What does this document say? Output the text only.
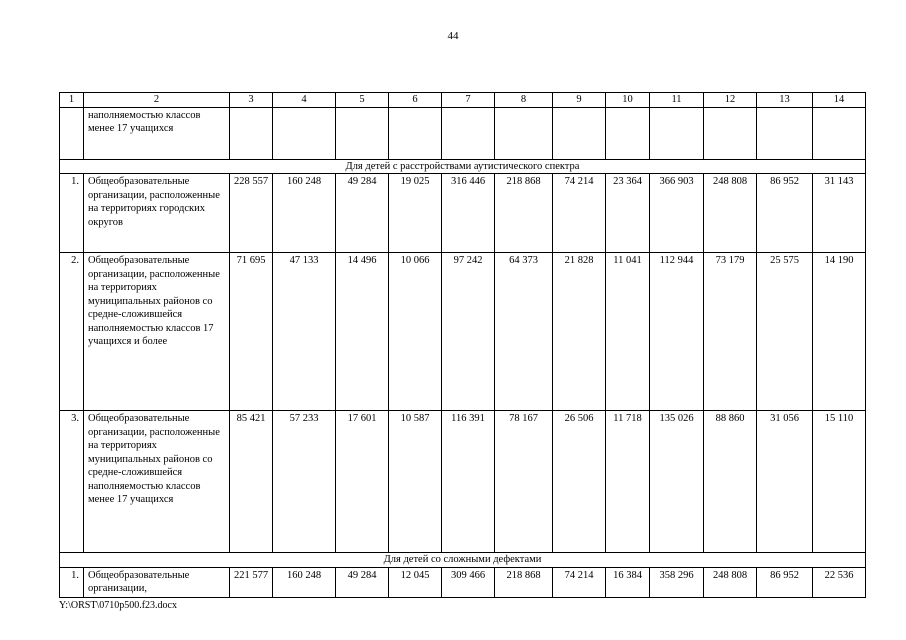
44
1	2	3	4	5	6	7	8	9	10	11	12	13	14
	наполняемостью классов менее 17 учащихся												
Для детей с расстройствами аутистического спектра													
1.	Общеобразовательные организации, расположенные на территориях городских округов	228 557	160 248	49 284	19 025	316 446	218 868	74 214	23 364	366 903	248 808	86 952	31 143
2.	Общеобразовательные организации, расположенные на территориях муниципальных районов со средне-сложившейся наполняемостью классов 17 учащихся и более	71 695	47 133	14 496	10 066	97 242	64 373	21 828	11 041	112 944	73 179	25 575	14 190
3.	Общеобразовательные организации, расположенные на территориях муниципальных районов со средне-сложившейся наполняемостью классов менее 17 учащихся	85 421	57 233	17 601	10 587	116 391	78 167	26 506	11 718	135 026	88 860	31 056	15 110
Для детей со сложными дефектами													
1.	Общеобразовательные организации,	221 577	160 248	49 284	12 045	309 466	218 868	74 214	16 384	358 296	248 808	86 952	22 536
Y:\ORST\0710p500.f23.docx
